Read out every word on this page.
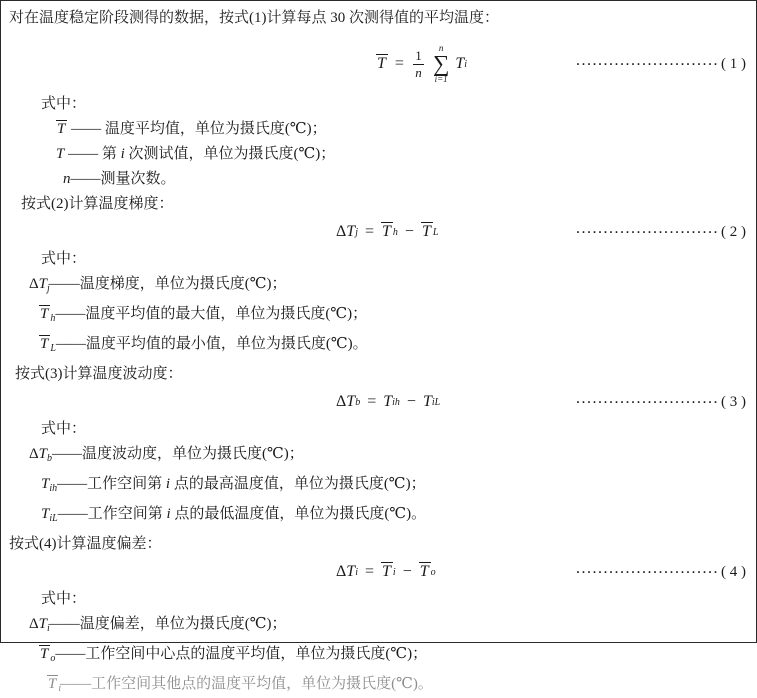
对在温度稳定阶段测得的数据，按式(1)计算每点 30 次测得值的平均温度：
$T = \frac{1}{n}$
n
∑
i=1
T i	·························· ( 1 )
式中：
T —— 温度平均值，单位为摄氏度(℃)；
T —— 第 i 次测试值，单位为摄氏度(℃)；
n——测量次数。
按式(2)计算温度梯度：
Δ T j = T h − T L	·························· ( 2 )
式中：
$\Delta T_j——$温度梯度，单位为摄氏度(℃)；
T $_h$——温度平均值的最大值，单位为摄氏度(℃)；
T $_L$——温度平均值的最小值，单位为摄氏度(℃)。
按式(3)计算温度波动度：
Δ T b = T ih − T iL	·························· ( 3 )
式中：
$\Delta T_b——$温度波动度，单位为摄氏度(℃)；
$T_{ih}——$工作空间第 i 点的最高温度值，单位为摄氏度(℃)；
$T_{iL}——$工作空间第 i 点的最低温度值，单位为摄氏度(℃)。
按式(4)计算温度偏差：
Δ T i = T i − T o	·························· ( 4 )
式中：
$\Delta T_i——$温度偏差，单位为摄氏度(℃)；
T $_o$——工作空间中心点的温度平均值，单位为摄氏度(℃)；
T $_i$——工作空间其他点的温度平均值，单位为摄氏度(℃)。
